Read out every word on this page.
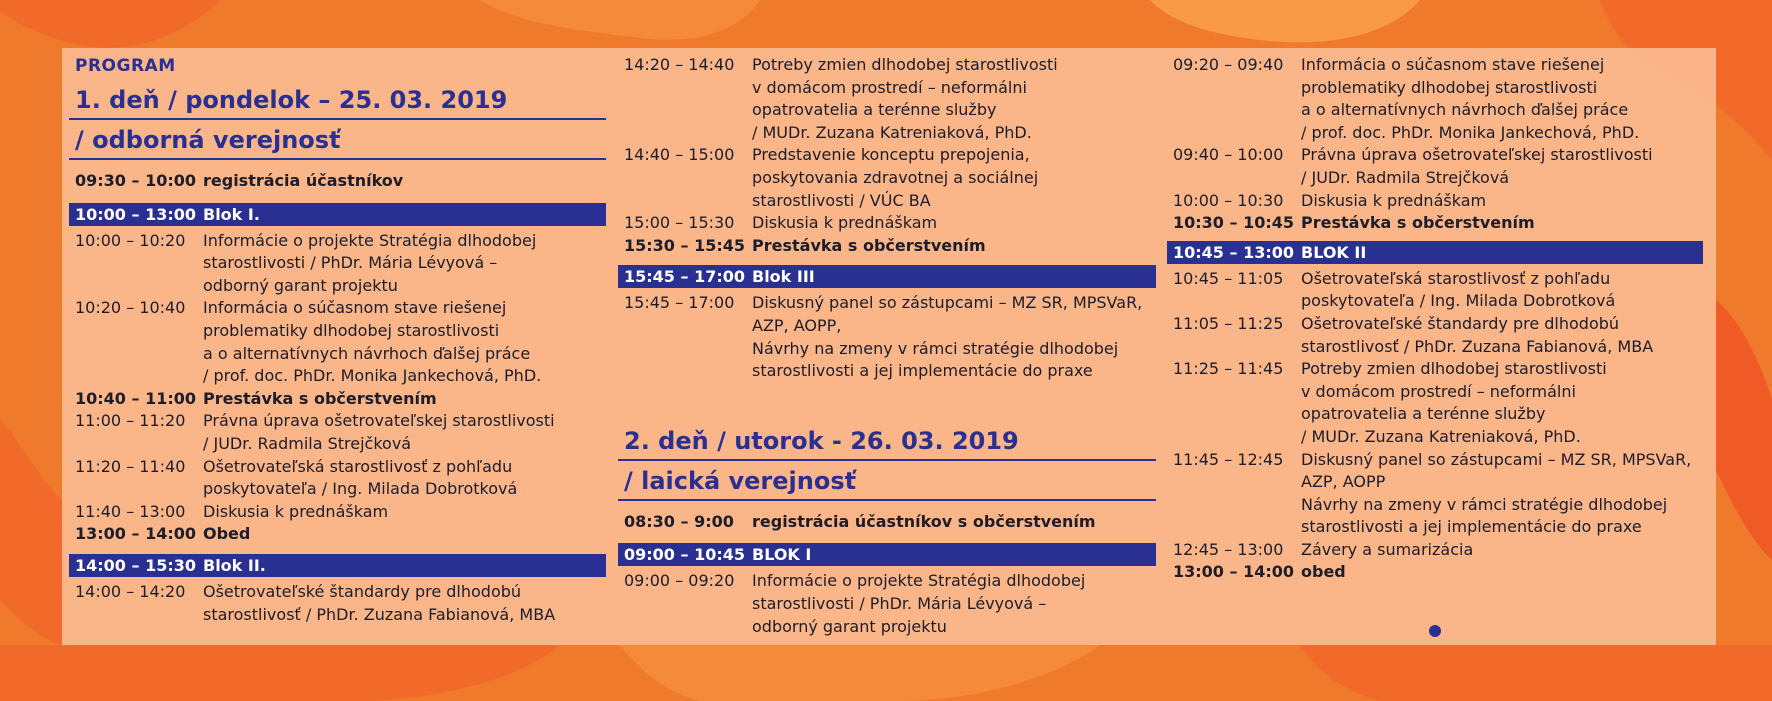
PROGRAM
1. deň / pondelok – 25. 03. 2019
/ odborná verejnosť
09:30 – 10:00 registrácia účastníkov
10:00 – 13:00 Blok I.
10:00 – 10:20	Informácie o projekte Stratégia dlhodobej
starostlivosti / PhDr. Mária Lévyová –
odborný garant projektu
10:20 – 10:40	Informácia o súčasnom stave riešenej
problematiky dlhodobej starostlivosti
a o alternatívnych návrhoch ďalšej práce
/ prof. doc. PhDr. Monika Jankechová, PhD.
10:40 – 11:00 Prestávka s občerstvením
11:00 – 11:20	Právna úprava ošetrovateľskej starostlivosti
/ JUDr. Radmila Strejčková
11:20 – 11:40	Ošetrovateľská starostlivosť z pohľadu
poskytovateľa / Ing. Milada Dobrotková
11:40 – 13:00	Diskusia k prednáškam
13:00 – 14:00 Obed
14:00 – 15:30 Blok II.
14:00 – 14:20	Ošetrovateľské štandardy pre dlhodobú
starostlivosť / PhDr. Zuzana Fabianová, MBA
14:20 – 14:40	Potreby zmien dlhodobej starostlivosti
v domácom prostredí – neformálni
opatrovatelia a terénne služby
/ MUDr. Zuzana Katreniaková, PhD.
14:40 – 15:00	Predstavenie konceptu prepojenia,
poskytovania zdravotnej a sociálnej
starostlivosti / VÚC BA
15:00 – 15:30	Diskusia k prednáškam
15:30 – 15:45 Prestávka s občerstvením
15:45 – 17:00 Blok III
15:45 – 17:00	Diskusný panel so zástupcami – MZ SR, MPSVaR,
AZP, AOPP,
Návrhy na zmeny v rámci stratégie dlhodobej
starostlivosti a jej implementácie do praxe
2. deň / utorok - 26. 03. 2019
/ laická verejnosť
08:30 – 9:00	registrácia účastníkov s občerstvením
09:00 – 10:45 BLOK I
09:00 – 09:20	Informácie o projekte Stratégia dlhodobej
starostlivosti / PhDr. Mária Lévyová –
odborný garant projektu
09:20 – 09:40	Informácia o súčasnom stave riešenej
problematiky dlhodobej starostlivosti
a o alternatívnych návrhoch ďalšej práce
/ prof. doc. PhDr. Monika Jankechová, PhD.
09:40 – 10:00	Právna úprava ošetrovateľskej starostlivosti
/ JUDr. Radmila Strejčková
10:00 – 10:30	Diskusia k prednáškam
10:30 – 10:45 Prestávka s občerstvením
10:45 – 13:00 BLOK II
10:45 – 11:05	Ošetrovateľská starostlivosť z pohľadu
poskytovateľa / Ing. Milada Dobrotková
11:05 – 11:25	Ošetrovateľské štandardy pre dlhodobú
starostlivosť / PhDr. Zuzana Fabianová, MBA
11:25 – 11:45	Potreby zmien dlhodobej starostlivosti
v domácom prostredí – neformálni
opatrovatelia a terénne služby
/ MUDr. Zuzana Katreniaková, PhD.
11:45 – 12:45	Diskusný panel so zástupcami – MZ SR, MPSVaR,
AZP, AOPP
Návrhy na zmeny v rámci stratégie dlhodobej
starostlivosti a jej implementácie do praxe
12:45 – 13:00	Závery a sumarizácia
13:00 – 14:00 obed
